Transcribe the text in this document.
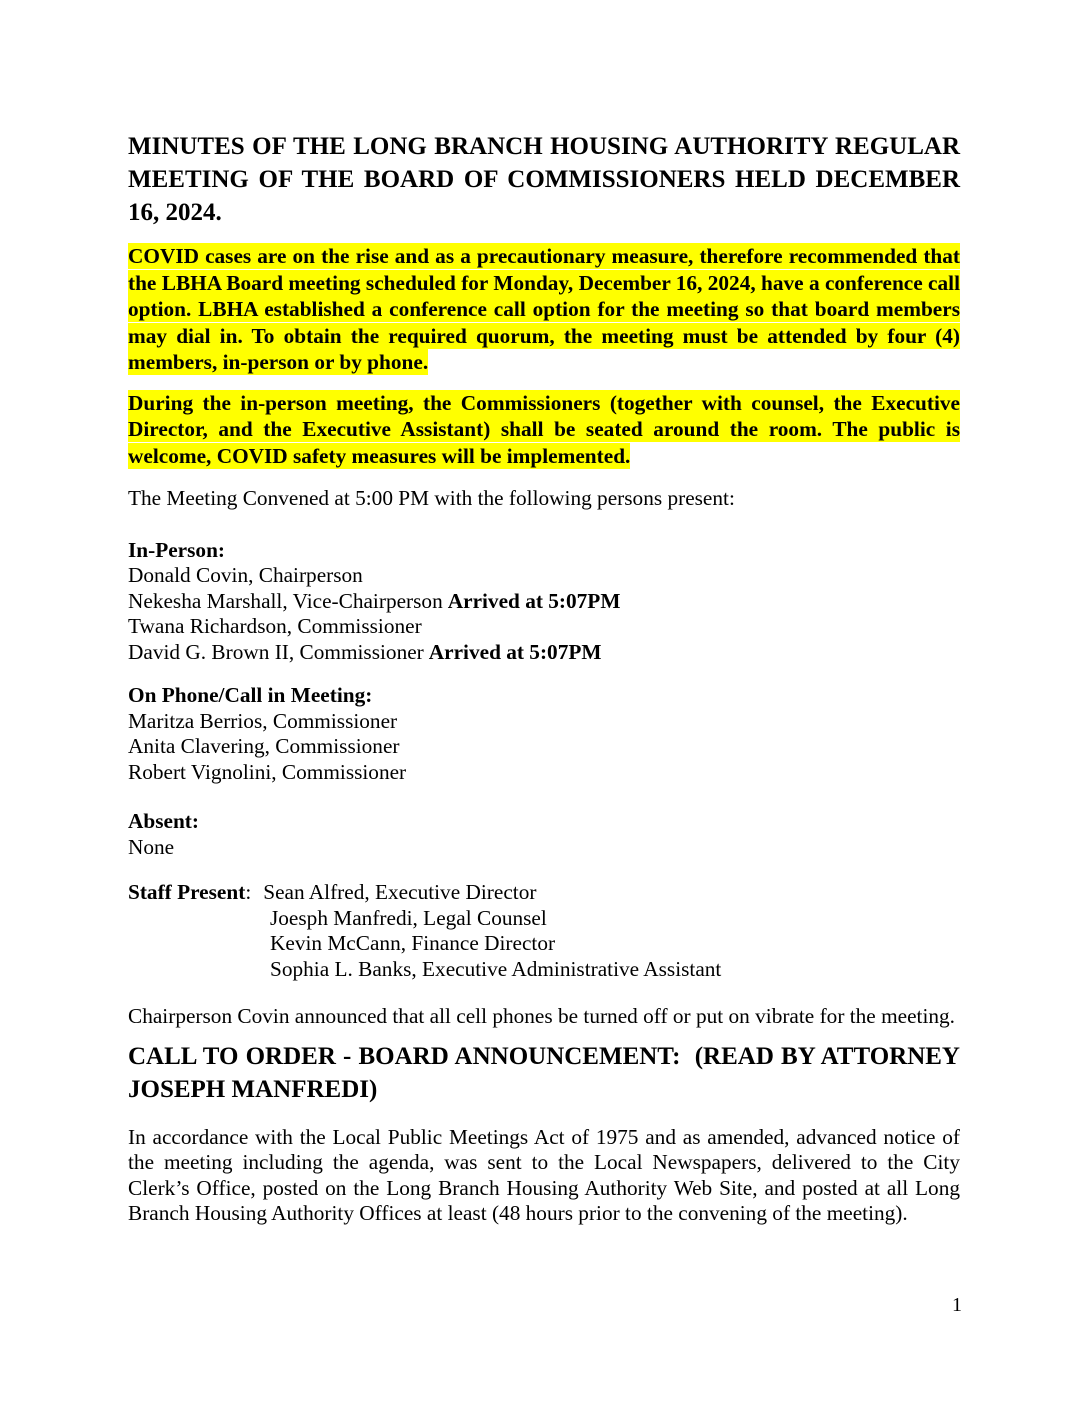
MINUTES OF THE LONG BRANCH HOUSING AUTHORITY REGULAR MEETING OF THE BOARD OF COMMISSIONERS HELD DECEMBER 16, 2024.

COVID cases are on the rise and as a precautionary measure, therefore recommended that the LBHA Board meeting scheduled for Monday, December 16, 2024, have a conference call option. LBHA established a conference call option for the meeting so that board members may dial in. To obtain the required quorum, the meeting must be attended by four (4) members, in-person or by phone.

During the in-person meeting, the Commissioners (together with counsel, the Executive Director, and the Executive Assistant) shall be seated around the room. The public is welcome, COVID safety measures will be implemented.

The Meeting Convened at 5:00 PM with the following persons present:

In-Person:
Donald Covin, Chairperson
Nekesha Marshall, Vice-Chairperson Arrived at 5:07PM
Twana Richardson, Commissioner
David G. Brown II, Commissioner Arrived at 5:07PM
On Phone/Call in Meeting:
Maritza Berrios, Commissioner
Anita Clavering, Commissioner
Robert Vignolini, Commissioner
Absent:
None
Staff Present: Sean Alfred, Executive Director
Joesph Manfredi, Legal Counsel
Kevin McCann, Finance Director
Sophia L. Banks, Executive Administrative Assistant

Chairperson Covin announced that all cell phones be turned off or put on vibrate for the meeting.

CALL TO ORDER - BOARD ANNOUNCEMENT:  (READ BY ATTORNEY JOSEPH MANFREDI)

In accordance with the Local Public Meetings Act of 1975 and as amended, advanced notice of the meeting including the agenda, was sent to the Local Newspapers, delivered to the City Clerk’s Office, posted on the Long Branch Housing Authority Web Site, and posted at all Long Branch Housing Authority Offices at least (48 hours prior to the convening of the meeting).

1
